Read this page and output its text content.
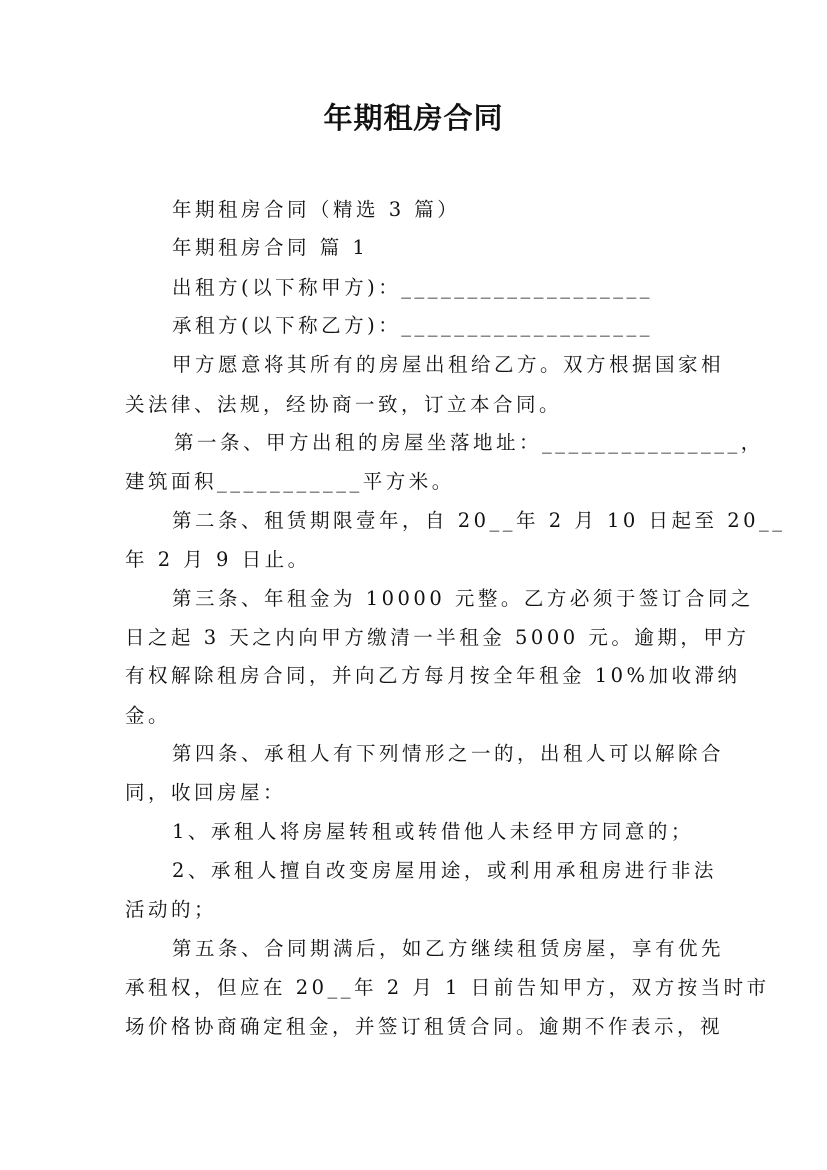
年期租房合同
年期租房合同（精选 3 篇）
年期租房合同 篇 1
出租方(以下称甲方)：___________________
承租方(以下称乙方)：___________________
甲方愿意将其所有的房屋出租给乙方。双方根据国家相
关法律、法规，经协商一致，订立本合同。
第一条、甲方出租的房屋坐落地址：_______________，
建筑面积___________平方米。
第二条、租赁期限壹年，自 20__年 2 月 10 日起至 20__
年 2 月 9 日止。
第三条、年租金为 10000 元整。乙方必须于签订合同之
日之起 3 天之内向甲方缴清一半租金 5000 元。逾期，甲方
有权解除租房合同，并向乙方每月按全年租金 10%加收滞纳
金。
第四条、承租人有下列情形之一的，出租人可以解除合
同，收回房屋：
1、承租人将房屋转租或转借他人未经甲方同意的；
2、承租人擅自改变房屋用途，或利用承租房进行非法
活动的；
第五条、合同期满后，如乙方继续租赁房屋，享有优先
承租权，但应在 20__年 2 月 1 日前告知甲方，双方按当时市
场价格协商确定租金，并签订租赁合同。逾期不作表示，视
